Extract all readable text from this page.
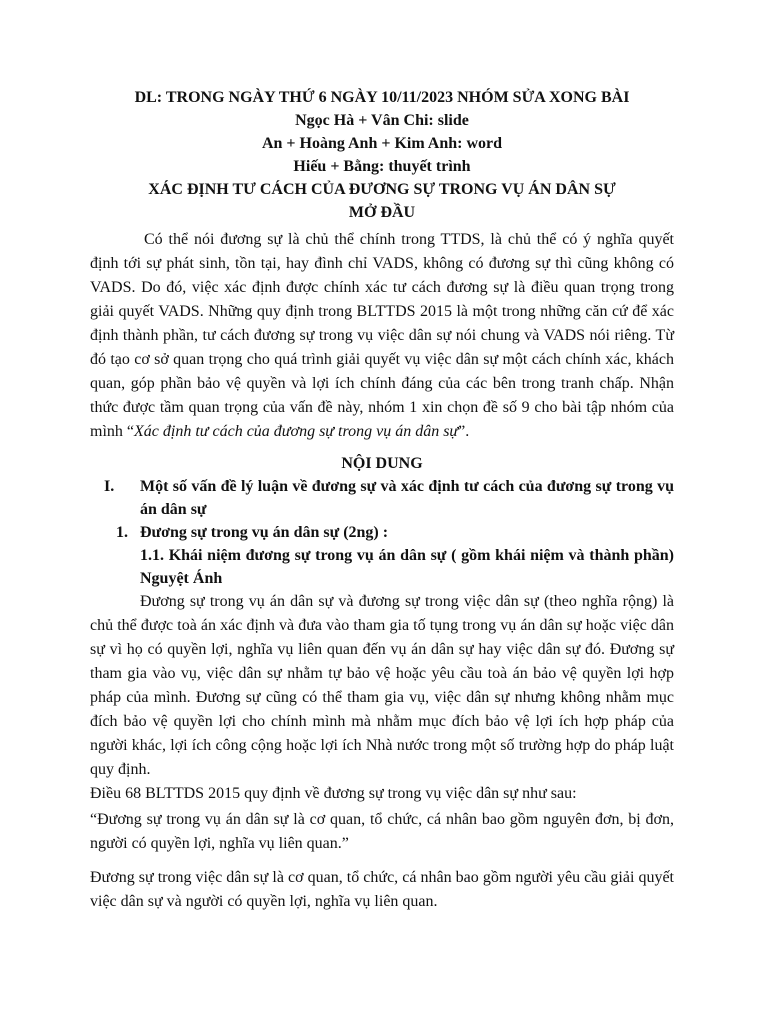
DL: TRONG NGÀY THỨ 6 NGÀY 10/11/2023 NHÓM SỬA XONG BÀI

Ngọc Hà + Vân Chi: slide

An + Hoàng Anh + Kim Anh: word

Hiếu + Bằng: thuyết trình

XÁC ĐỊNH TƯ CÁCH CỦA ĐƯƠNG SỰ TRONG VỤ ÁN DÂN SỰ

MỞ ĐẦU

Có thể nói đương sự là chủ thể chính trong TTDS, là chủ thể có ý nghĩa quyết định tới sự phát sinh, tồn tại, hay đình chỉ VADS, không có đương sự thì cũng không có VADS. Do đó, việc xác định được chính xác tư cách đương sự là điều quan trọng trong giải quyết VADS. Những quy định trong BLTTDS 2015 là một trong những căn cứ để xác định thành phần, tư cách đương sự trong vụ việc dân sự nói chung và VADS nói riêng. Từ đó tạo cơ sở quan trọng cho quá trình giải quyết vụ việc dân sự một cách chính xác, khách quan, góp phần bảo vệ quyền và lợi ích chính đáng của các bên trong tranh chấp. Nhận thức được tầm quan trọng của vấn đề này, nhóm 1 xin chọn đề số 9 cho bài tập nhóm của mình “Xác định tư cách của đương sự trong vụ án dân sự”.

NỘI DUNG

I.	Một số vấn đề lý luận về đương sự và xác định tư cách của đương sự trong vụ án dân sự
1. Đương sự trong vụ án dân sự (2ng) :
1.1. Khái niệm đương sự trong vụ án dân sự ( gồm khái niệm và thành phần) Nguyệt Ánh

Đương sự trong vụ án dân sự và đương sự trong việc dân sự (theo nghĩa rộng) là chủ thể được toà án xác định và đưa vào tham gia tố tụng trong vụ án dân sự hoặc việc dân sự vì họ có quyền lợi, nghĩa vụ liên quan đến vụ án dân sự hay việc dân sự đó. Đương sự tham gia vào vụ, việc dân sự nhằm tự bảo vệ hoặc yêu cầu toà án bảo vệ quyền lợi hợp pháp của mình. Đương sự cũng có thể tham gia vụ, việc dân sự nhưng không nhằm mục đích bảo vệ quyền lợi cho chính mình mà nhằm mục đích bảo vệ lợi ích hợp pháp của người khác, lợi ích công cộng hoặc lợi ích Nhà nước trong một số trường hợp do pháp luật quy định.

Điều 68 BLTTDS 2015 quy định về đương sự trong vụ việc dân sự như sau:

“Đương sự trong vụ án dân sự là cơ quan, tổ chức, cá nhân bao gồm nguyên đơn, bị đơn, người có quyền lợi, nghĩa vụ liên quan.”

Đương sự trong việc dân sự là cơ quan, tổ chức, cá nhân bao gồm người yêu cầu giải quyết việc dân sự và người có quyền lợi, nghĩa vụ liên quan.
